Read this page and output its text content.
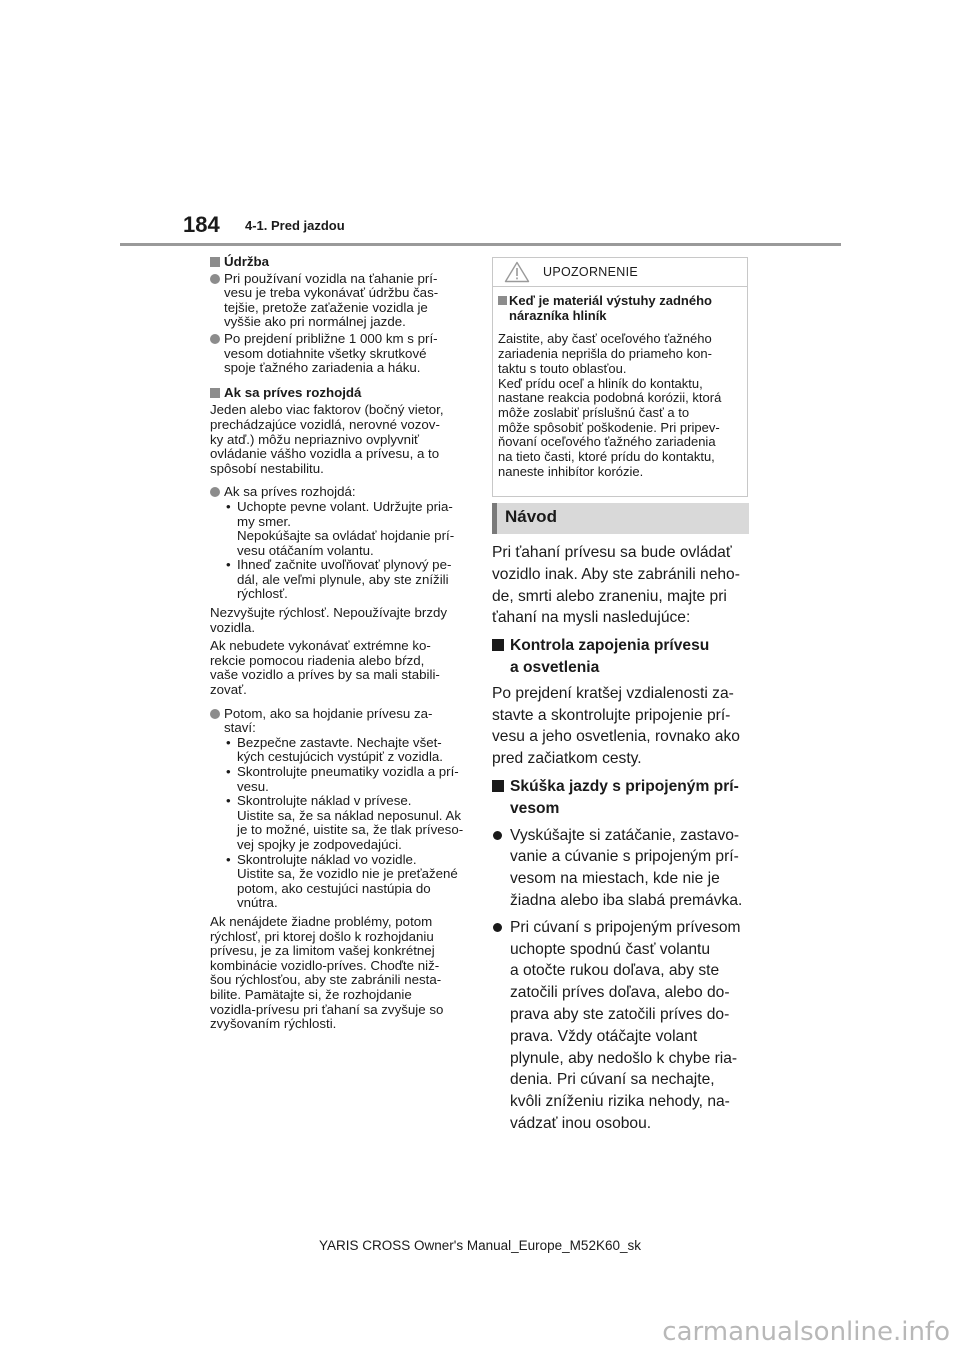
184 4-1. Pred jazdou

Údržba

Pri používaní vozidla na ťahanie prí-
vesu je treba vykonávať údržbu čas-
tejšie, pretože zaťaženie vozidla je
vyššie ako pri normálnej jazde.

Po prejdení približne 1 000 km s prí-
vesom dotiahnite všetky skrutkové
spoje ťažného zariadenia a háku.

Ak sa príves rozhojdá

Jeden alebo viac faktorov (bočný vietor,
prechádzajúce vozidlá, nerovné vozov-
ky atď.) môžu nepriaznivo ovplyvniť
ovládanie vášho vozidla a prívesu, a to
spôsobí nestabilitu.

Ak sa príves rozhojdá:

• Uchopte pevne volant. Udržujte pria-
my smer.
Nepokúšajte sa ovládať hojdanie prí-
vesu otáčaním volantu.
• Ihneď začnite uvoľňovať plynový pe-
dál, ale veľmi plynule, aby ste znížili
rýchlosť.

Nezvyšujte rýchlosť. Nepoužívajte brzdy
vozidla.

Ak nebudete vykonávať extrémne ko-
rekcie pomocou riadenia alebo bŕzd,
vaše vozidlo a príves by sa mali stabili-
zovať.

Potom, ako sa hojdanie prívesu za-
staví:

• Bezpečne zastavte. Nechajte všet-
kých cestujúcich vystúpiť z vozidla.
• Skontrolujte pneumatiky vozidla a prí-
vesu.
• Skontrolujte náklad v prívese.
Uistite sa, že sa náklad neposunul. Ak
je to možné, uistite sa, že tlak príveso-
vej spojky je zodpovedajúci.
• Skontrolujte náklad vo vozidle.
Uistite sa, že vozidlo nie je preťažené
potom, ako cestujúci nastúpia do
vnútra.

Ak nenájdete žiadne problémy, potom
rýchlosť, pri ktorej došlo k rozhojdaniu
prívesu, je za limitom vašej konkrétnej
kombinácie vozidlo-príves. Choďte niž-
šou rýchlosťou, aby ste zabránili nesta-
bilite. Pamätajte si, že rozhojdanie
vozidla-prívesu pri ťahaní sa zvyšuje so
zvyšovaním rýchlosti.

UPOZORNENIE

Keď je materiál výstuhy zadného
nárazníka hliník

Zaistite, aby časť oceľového ťažného
zariadenia neprišla do priameho kon-
taktu s touto oblasťou.
Keď prídu oceľ a hliník do kontaktu,
nastane reakcia podobná korózii, ktorá
môže zoslabiť príslušnú časť a to
môže spôsobiť poškodenie. Pri pripev-
ňovaní oceľového ťažného zariadenia
na tieto časti, ktoré prídu do kontaktu,
naneste inhibítor korózie.

Návod

Pri ťahaní prívesu sa bude ovládať
vozidlo inak. Aby ste zabránili neho-
de, smrti alebo zraneniu, majte pri
ťahaní na mysli nasledujúce:

Kontrola zapojenia prívesu
a osvetlenia

Po prejdení kratšej vzdialenosti za-
stavte a skontrolujte pripojenie prí-
vesu a jeho osvetlenia, rovnako ako
pred začiatkom cesty.

Skúška jazdy s pripojeným prí-
vesom

Vyskúšajte si zatáčanie, zastavo-
vanie a cúvanie s pripojeným prí-
vesom na miestach, kde nie je
žiadna alebo iba slabá premávka.

Pri cúvaní s pripojeným prívesom
uchopte spodnú časť volantu
a otočte rukou doľava, aby ste
zatočili príves doľava, alebo do-
prava aby ste zatočili príves do-
prava. Vždy otáčajte volant
plynule, aby nedošlo k chybe ria-
denia. Pri cúvaní sa nechajte,
kvôli zníženiu rizika nehody, na-
vádzať inou osobou.

YARIS CROSS Owner's Manual_Europe_M52K60_sk
carmanualsonline.info
